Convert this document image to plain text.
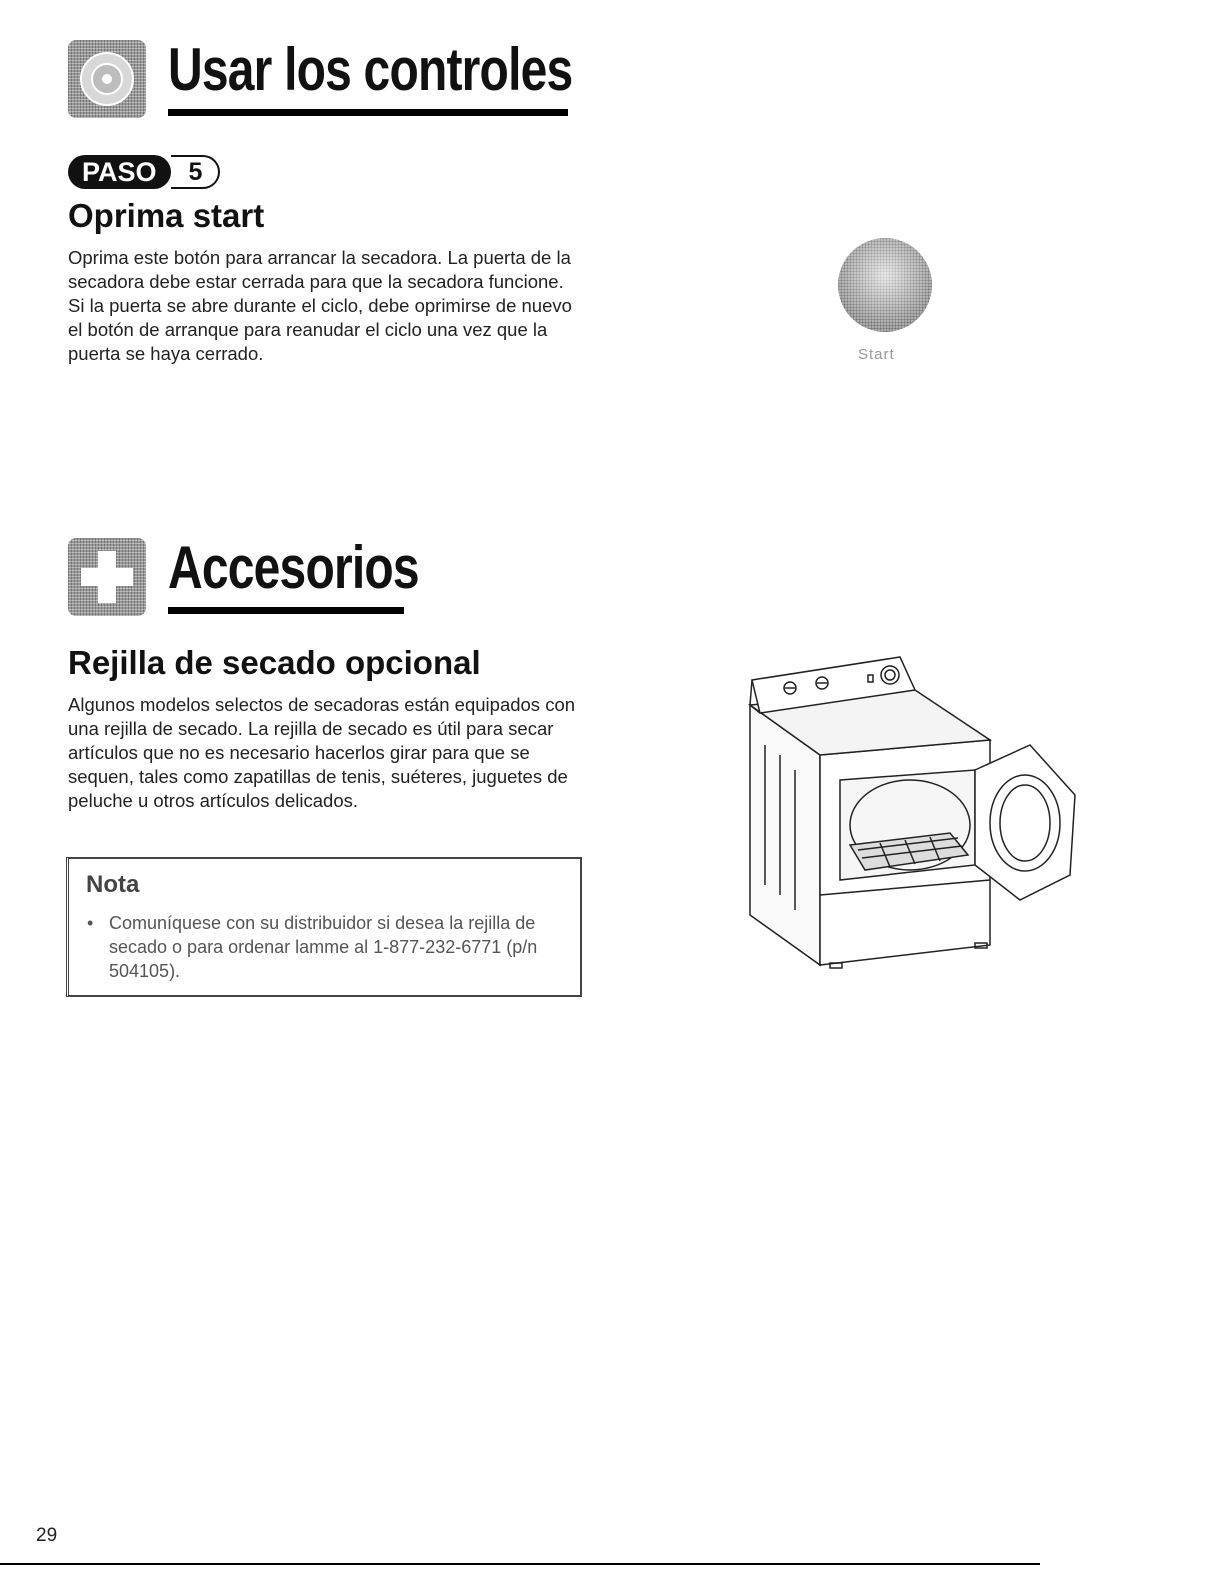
Usar los controles
PASO	5
Oprima start

Oprima este botón para arrancar la secadora. La puerta de la secadora debe estar cerrada para que la secadora funcione. Si la puerta se abre durante el ciclo, debe oprimirse de nuevo el botón de arranque para reanudar el ciclo una vez que la puerta se haya cerrado.	Start
Accesorios
Rejilla de secado opcional

Algunos modelos selectos de secadoras están equipados con una rejilla de secado. La rejilla de secado es útil para secar artículos que no es necesario hacerlos girar para que se sequen, tales como zapatillas de tenis, suéteres, juguetes de peluche u otros artículos delicados.

Nota

• Comuníquese con su distribuidor si desea la rejilla de secado o para ordenar lamme al 1-877-232-6771 (p/n 504105).

29
